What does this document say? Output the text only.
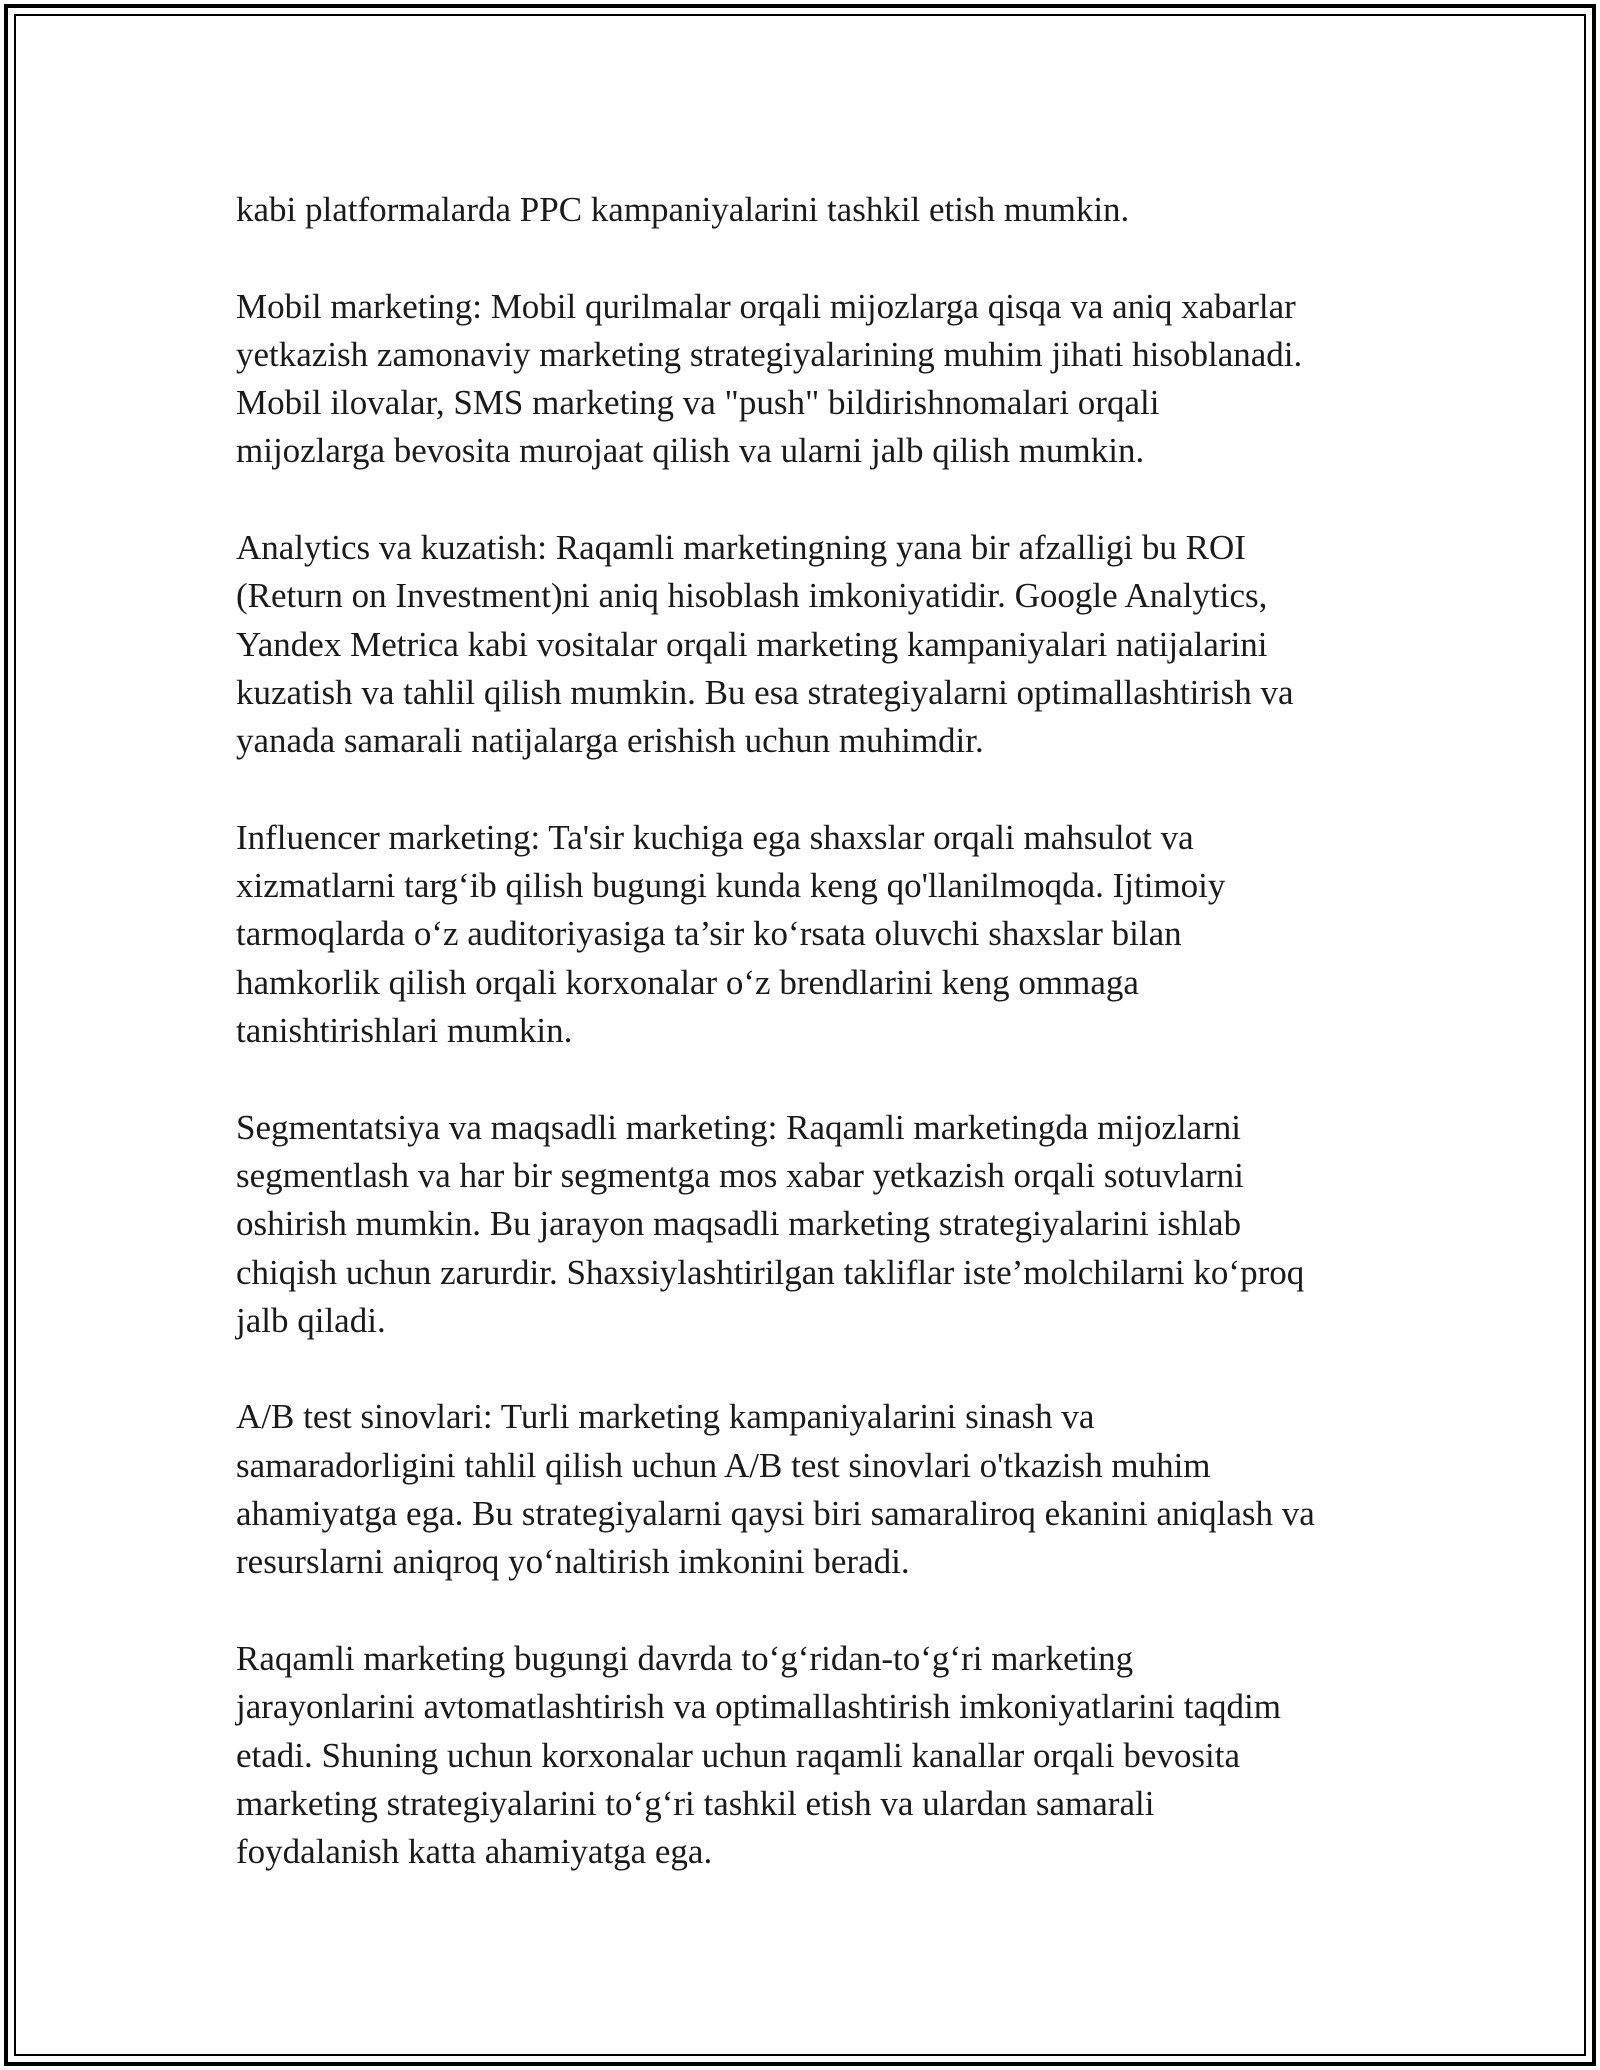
kabi platformalarda PPC kampaniyalarini tashkil etish mumkin.

Mobil marketing: Mobil qurilmalar orqali mijozlarga qisqa va aniq xabarlar
yetkazish zamonaviy marketing strategiyalarining muhim jihati hisoblanadi.
Mobil ilovalar, SMS marketing va "push" bildirishnomalari orqali
mijozlarga bevosita murojaat qilish va ularni jalb qilish mumkin.

Analytics va kuzatish: Raqamli marketingning yana bir afzalligi bu ROI
(Return on Investment)ni aniq hisoblash imkoniyatidir. Google Analytics,
Yandex Metrica kabi vositalar orqali marketing kampaniyalari natijalarini
kuzatish va tahlil qilish mumkin. Bu esa strategiyalarni optimallashtirish va
yanada samarali natijalarga erishish uchun muhimdir.

Influencer marketing: Ta'sir kuchiga ega shaxslar orqali mahsulot va
xizmatlarni targ‘ib qilish bugungi kunda keng qo'llanilmoqda. Ijtimoiy
tarmoqlarda o‘z auditoriyasiga ta’sir ko‘rsata oluvchi shaxslar bilan
hamkorlik qilish orqali korxonalar o‘z brendlarini keng ommaga
tanishtirishlari mumkin.

Segmentatsiya va maqsadli marketing: Raqamli marketingda mijozlarni
segmentlash va har bir segmentga mos xabar yetkazish orqali sotuvlarni
oshirish mumkin. Bu jarayon maqsadli marketing strategiyalarini ishlab
chiqish uchun zarurdir. Shaxsiylashtirilgan takliflar iste’molchilarni ko‘proq
jalb qiladi.

A/B test sinovlari: Turli marketing kampaniyalarini sinash va
samaradorligini tahlil qilish uchun A/B test sinovlari o'tkazish muhim
ahamiyatga ega. Bu strategiyalarni qaysi biri samaraliroq ekanini aniqlash va
resurslarni aniqroq yo‘naltirish imkonini beradi.

Raqamli marketing bugungi davrda to‘g‘ridan-to‘g‘ri marketing
jarayonlarini avtomatlashtirish va optimallashtirish imkoniyatlarini taqdim
etadi. Shuning uchun korxonalar uchun raqamli kanallar orqali bevosita
marketing strategiyalarini to‘g‘ri tashkil etish va ulardan samarali
foydalanish katta ahamiyatga ega.
